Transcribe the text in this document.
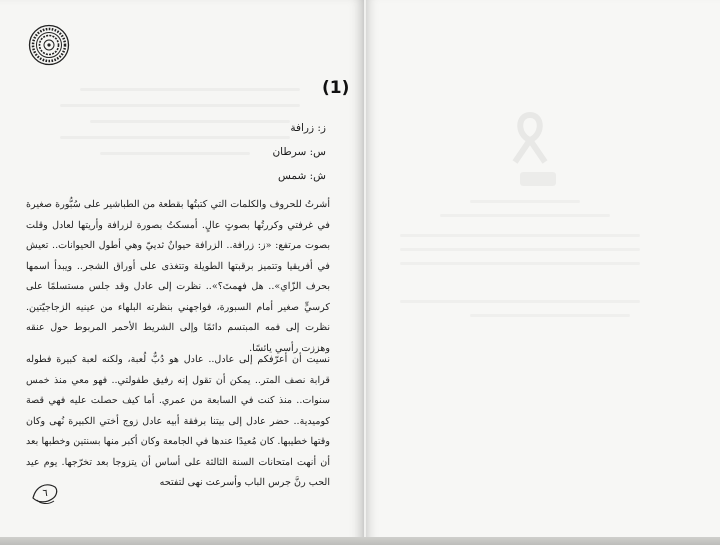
(1)
ز: زرافة
س: سرطان
ش: شمس
أشرتُ للحروف والكلمات التي كتبتُها بقطعة من الطباشير على سُبُّورة صغيرة في غرفتي وكررتُها بصوتٍ عالٍ. أمسكتُ بصورة لزرافة وأريتها لعادل وقلت بصوت مرتفع: «ز: زرافة.. الزرافة حيوانٌ ثدييّ وهي أطول الحيوانات.. تعيش في أفريقيا وتتميز برقبتها الطويلة وتتغذى على أوراق الشجر.. ويبدأ اسمها بحرف الزّاي».. هل فهمتَ؟».. نظرت إلى عادل وقد جلس مستسلمًا على كرسيٍّ صغير أمام السبورة، فواجهني بنظرته البلهاء من عينيه الزجاجيّتين. نظرت إلى فمه المبتسم دائمًا وإلى الشريط الأحمر المربوط حول عنقه وهززت رأسي يائسًا.
نسيت أن أعرّفكم إلى عادل.. عادل هو دُبٌّ لُعبة، ولكنه لعبة كبيرة فطوله قرابة نصف المتر.. يمكن أن تقول إنه رفيق طفولتي.. فهو معي منذ خمس سنوات.. منذ كنت في السابعة من عمري. أما كيف حصلت عليه فهي قصة كوميدية.. حضر عادل إلى بيتنا برفقة أبيه عادل زوج أختي الكبيرة نُهى وكان وقتها خطيبها. كان مُعيدًا عندها في الجامعة وكان أكبر منها بسنتين وخطبها بعد أن أنهت امتحانات السنة الثالثة على أساس أن يتزوجا بعد تخرّجها. يوم عيد الحب رنَّ جرس الباب وأسرعت نهى لتفتحه
٦
